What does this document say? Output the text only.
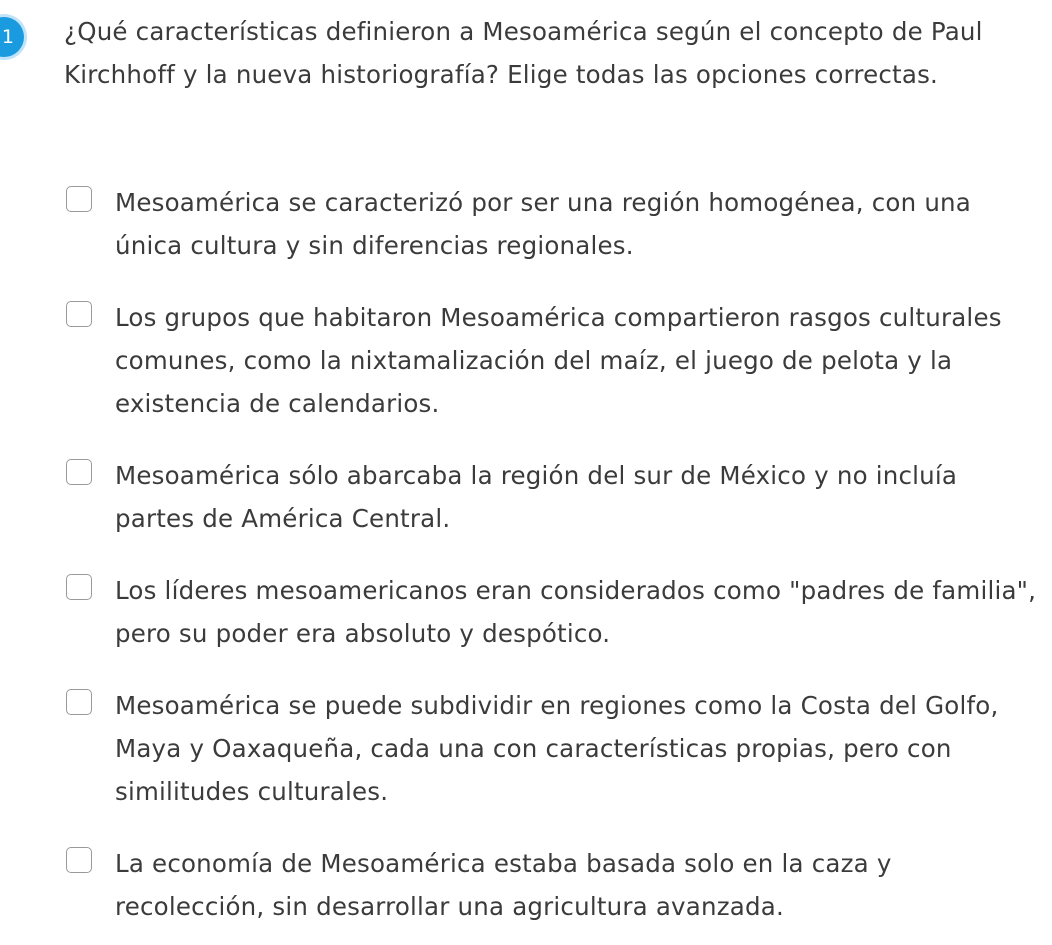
1	¿Qué características definieron a Mesoamérica según el concepto de Paul Kirchhoff y la nueva historiografía? Elige todas las opciones correctas.

Mesoamérica se caracterizó por ser una región homogénea, con una única cultura y sin diferencias regionales.
Los grupos que habitaron Mesoamérica compartieron rasgos culturales comunes, como la nixtamalización del maíz, el juego de pelota y la existencia de calendarios.
Mesoamérica sólo abarcaba la región del sur de México y no incluía partes de América Central.
Los líderes mesoamericanos eran considerados como "padres de familia", pero su poder era absoluto y despótico.
Mesoamérica se puede subdividir en regiones como la Costa del Golfo, Maya y Oaxaqueña, cada una con características propias, pero con similitudes culturales.
La economía de Mesoamérica estaba basada solo en la caza y recolección, sin desarrollar una agricultura avanzada.
